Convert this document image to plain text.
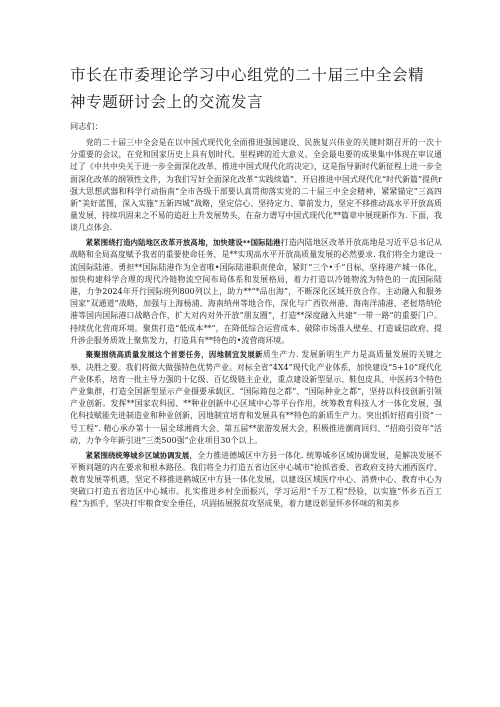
市长在市委理论学习中心组党的二十届三中全会精
神专题研讨会上的交流发言
同志们：

党的二十届三中全会是在以中国式现代化全面推进强国建设、民族复兴伟业的关键时期召开的一次十分重要的会议，在党和国家历史上具有划时代、里程碑的近大意义。全会最电要的成果集中体现在审议通过了《中共中央关于进一步全面深化改革、推进中国式现代化的决定》，这是指导新时代新征程上进一步全面深化改革的纲领性文件，为我们写好全面深化改革“实践续篇”、开启推进中国式现代化“时代新篇”提供r强大思想武器和科学行动指南“全市各级干部要认真贯彻落实党的二十届三中全会精神，紧紧锚定“三高四新”美好蓝图，深入实施“五新四城”战略，坚定信心、坚持定力、靠前发力，坚定不移推动高水平开放高质量发展，持续巩固来之不易的追赶上升发展势头，在奋力谱写中国式现代化**篇章中展现新作为. 下面，我谈几点体会.

紧紧围绕打造内陆地区改革开放高地，加快建设**国际陆港打造内陆地区改革开放高地是习近平总书记从战略和全局高度赋予我省的重要使命任务，是**实现高水平开放高质量发展的必然要求. 我们将全力建设一流国际陆港。勇担**国际陆港作为全省唯•国际陆港职责使命，紧盯“三个•千”目标，坚持港产城一体化，加快构建科学合理的现代冷链物流空间布局体系和发展格局，着力打造以冷链物流为特色的一流国际陆港，力争2024年开行国际班列800列以上，助力**“*品出海”，不断深化区域开放合作。主动融入和服务国家“双通道”战略，加强与上海杨浦、海南纳州等地合作，深化与广西钦州港、海南洋浦港、老挝塔纳伦港等国内国际港口战略合作，扩大对内对外开放“朋友圈”，打造**深度融入共建“一带一路”的重要门户。持续优化营商环境。聚焦打造“低成本**”，在降低综合运营成本、破除市场准入壁垒、打造诚信政府、提升涉企服务质效上聚焦发力，打造具有**特色的•流营商环境。

聚聚围绕高质量发展这个首要任务，因地制宜发展新质生产力. 发展新明生产力是高质量发展的关键之举、决胜之要。我们将做大做强特色优势产业。对标全省“4X4”现代化产业体系，加快建设“5+10”现代化产业体系，培育一批主导力强的十亿级、百亿级链主企业，重点建设新型显示、鞋包皮具、中医药3个特色产业集群，打造全国新型显示产业摄要承载区、“国际箱包之都”、“国际种业之都”，坚持以科技创新引领产业创新。发挥**国家农科园、**种业创新中心区域中心等平台作用，统筹教育科技人才一体化发展，强化科技赋能先进制造业和种业创新，因地制宜培育和发展具有**特色的新质生产力。突出抓好招商引资“一号工程”. 精心承办第十一届全球湘商大会、第五届**旅游发展大会，积极推进潮商回归、“招商引资年”活动，力争今年新引进“三类500强”企业项目30个以上。

紧紧围绕统筹城乡区域协调发展，全力推进德城区中方县一体化. 统筹城乡区域协调发展，是解决发展不平衡问题的内在要求和根本路径。我们将全力打造五省边区中心城市“抢抓省委、省政府支持大湘西医疗、教育发展等机遇，坚定不移推进鹤城区中方县一体化发展，以建设区域医疗中心、消费中心、教育中心为突破口打造五省边区中心城市。扎实推进乡村全面振兴，学习运用“千万工程”经验，以实施“怀乡五百工程”为抓手，坚决打牢粮食安全垂任，巩固拓展脱贫攻坚成果，着力建设彰显怀乡怀味的和美乡
